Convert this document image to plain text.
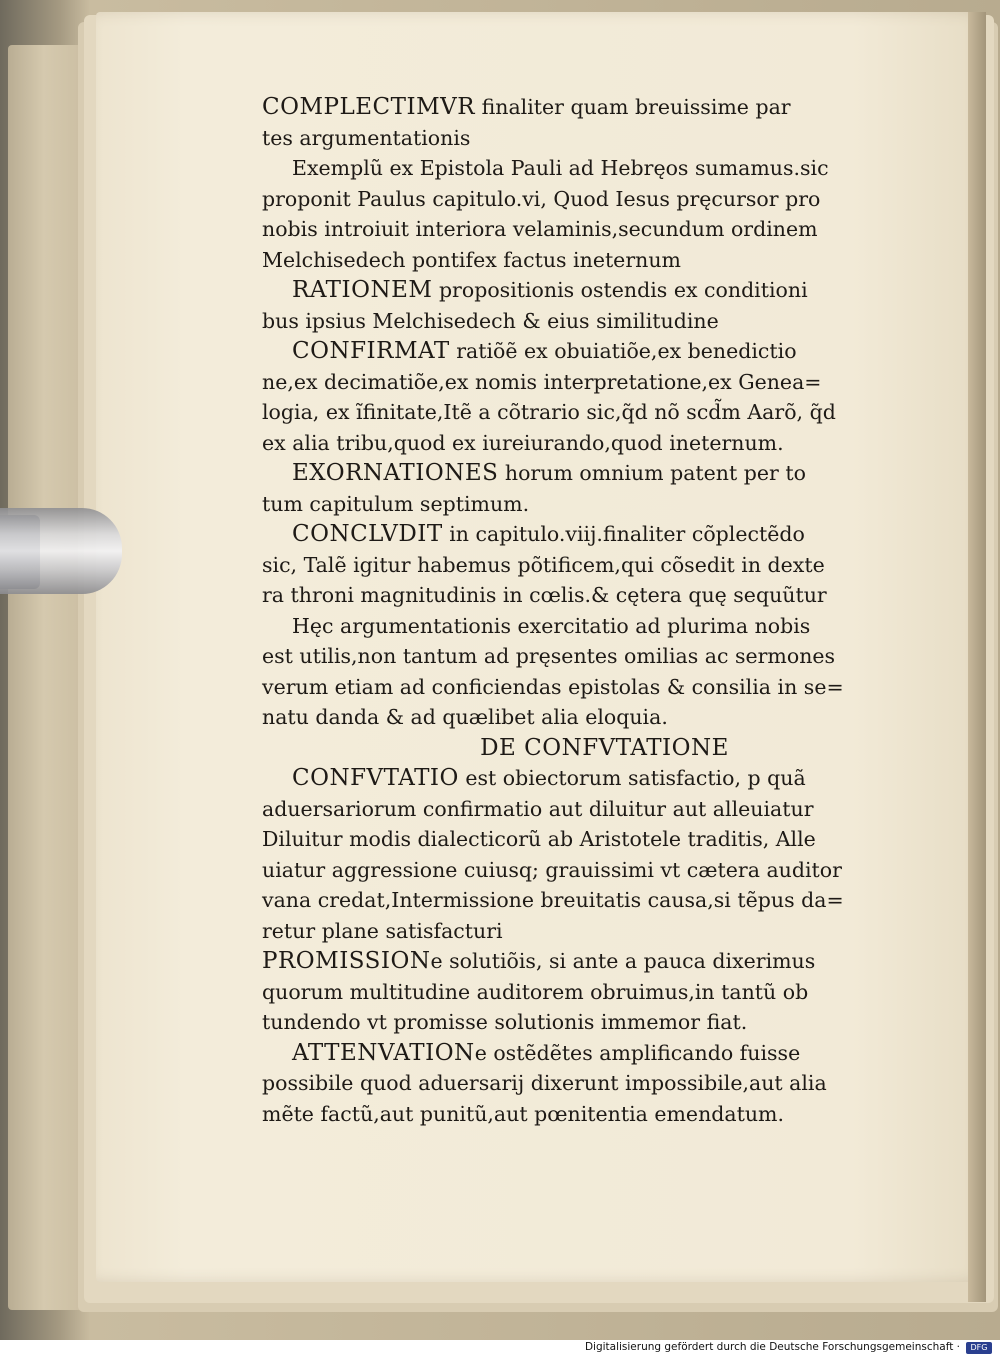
COMPLECTIMVR finaliter quam breuissime par
tes argumentationis
Exemplũ ex Epistola Pauli ad Hebręos sumamus.sic
proponit Paulus capitulo.vi, Quod Iesus pręcursor pro
nobis introiuit interiora velaminis,secundum ordinem
Melchisedech pontifex factus ineternum
RATIONEM propositionis ostendis ex conditioni
bus ipsius Melchisedech & eius similitudine
CONFIRMAT ratiõẽ ex obuiatiõe,ex benedictio
ne,ex decimatiõe,ex nomis interpretatione,ex Genea=
logia, ex ĩfinitate,Itẽ a cõtrario sic,q̃d nõ scd̃m Aarõ, q̃d
ex alia tribu,quod ex iureiurando,quod ineternum.
EXORNATIONES horum omnium patent per to
tum capitulum septimum.
CONCLVDIT in capitulo.viij.finaliter cõplectẽdo
sic, Talẽ igitur habemus põtificem,qui cõsedit in dexte
ra throni magnitudinis in cœlis.& cętera quę sequũtur
Hęc argumentationis exercitatio ad plurima nobis
est utilis,non tantum ad pręsentes omilias ac sermones
verum etiam ad conficiendas epistolas & consilia in se=
natu danda & ad quælibet alia eloquia.
DE CONFVTATIONE
CONFVTATIO est obiectorum satisfactio, p quã
aduersariorum confirmatio aut diluitur aut alleuiatur
Diluitur modis dialecticorũ ab Aristotele traditis, Alle
uiatur aggressione cuiusq; grauissimi vt cætera auditor
vana credat,Intermissione breuitatis causa,si tẽpus da=
retur plane satisfacturi
PROMISSIONe solutiõis, si ante a pauca dixerimus
quorum multitudine auditorem obruimus,in tantũ ob
tundendo vt promisse solutionis immemor fiat.
ATTENVATIONe ostẽdẽtes amplificando fuisse
possibile quod aduersarij dixerunt impossibile,aut alia
mẽte factũ,aut punitũ,aut pœnitentia emendatum.
Digitalisierung gefördert durch die Deutsche Forschungsgemeinschaft ·	DFG
